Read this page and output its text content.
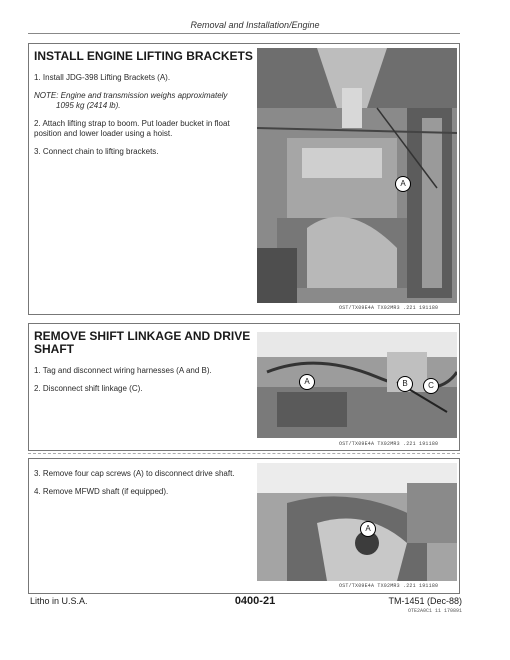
Removal and Installation/Engine
INSTALL ENGINE LIFTING BRACKETS
1. Install JDG-398 Lifting Brackets (A).
NOTE: Engine and transmission weighs approximately
1095 kg (2414 lb).
2. Attach lifting strap to boom. Put loader bucket in float position and lower loader using a hoist.
3. Connect chain to lifting brackets.
A
OST/TX09E4A TX02MR3 .221 191180
REMOVE SHIFT LINKAGE AND DRIVE SHAFT
1. Tag and disconnect wiring harnesses (A and B).
2. Disconnect shift linkage (C).
A	B	C
OST/TX09E4A TX02MR3 .221 191180
3. Remove four cap screws (A) to disconnect drive shaft.
4. Remove MFWD shaft (if equipped).
A
OST/TX09E4A TX02MR3 .221 191180
Litho in U.S.A.	0400-21	TM-1451 (Dec-88)
OTE2A0C1 11 170891
